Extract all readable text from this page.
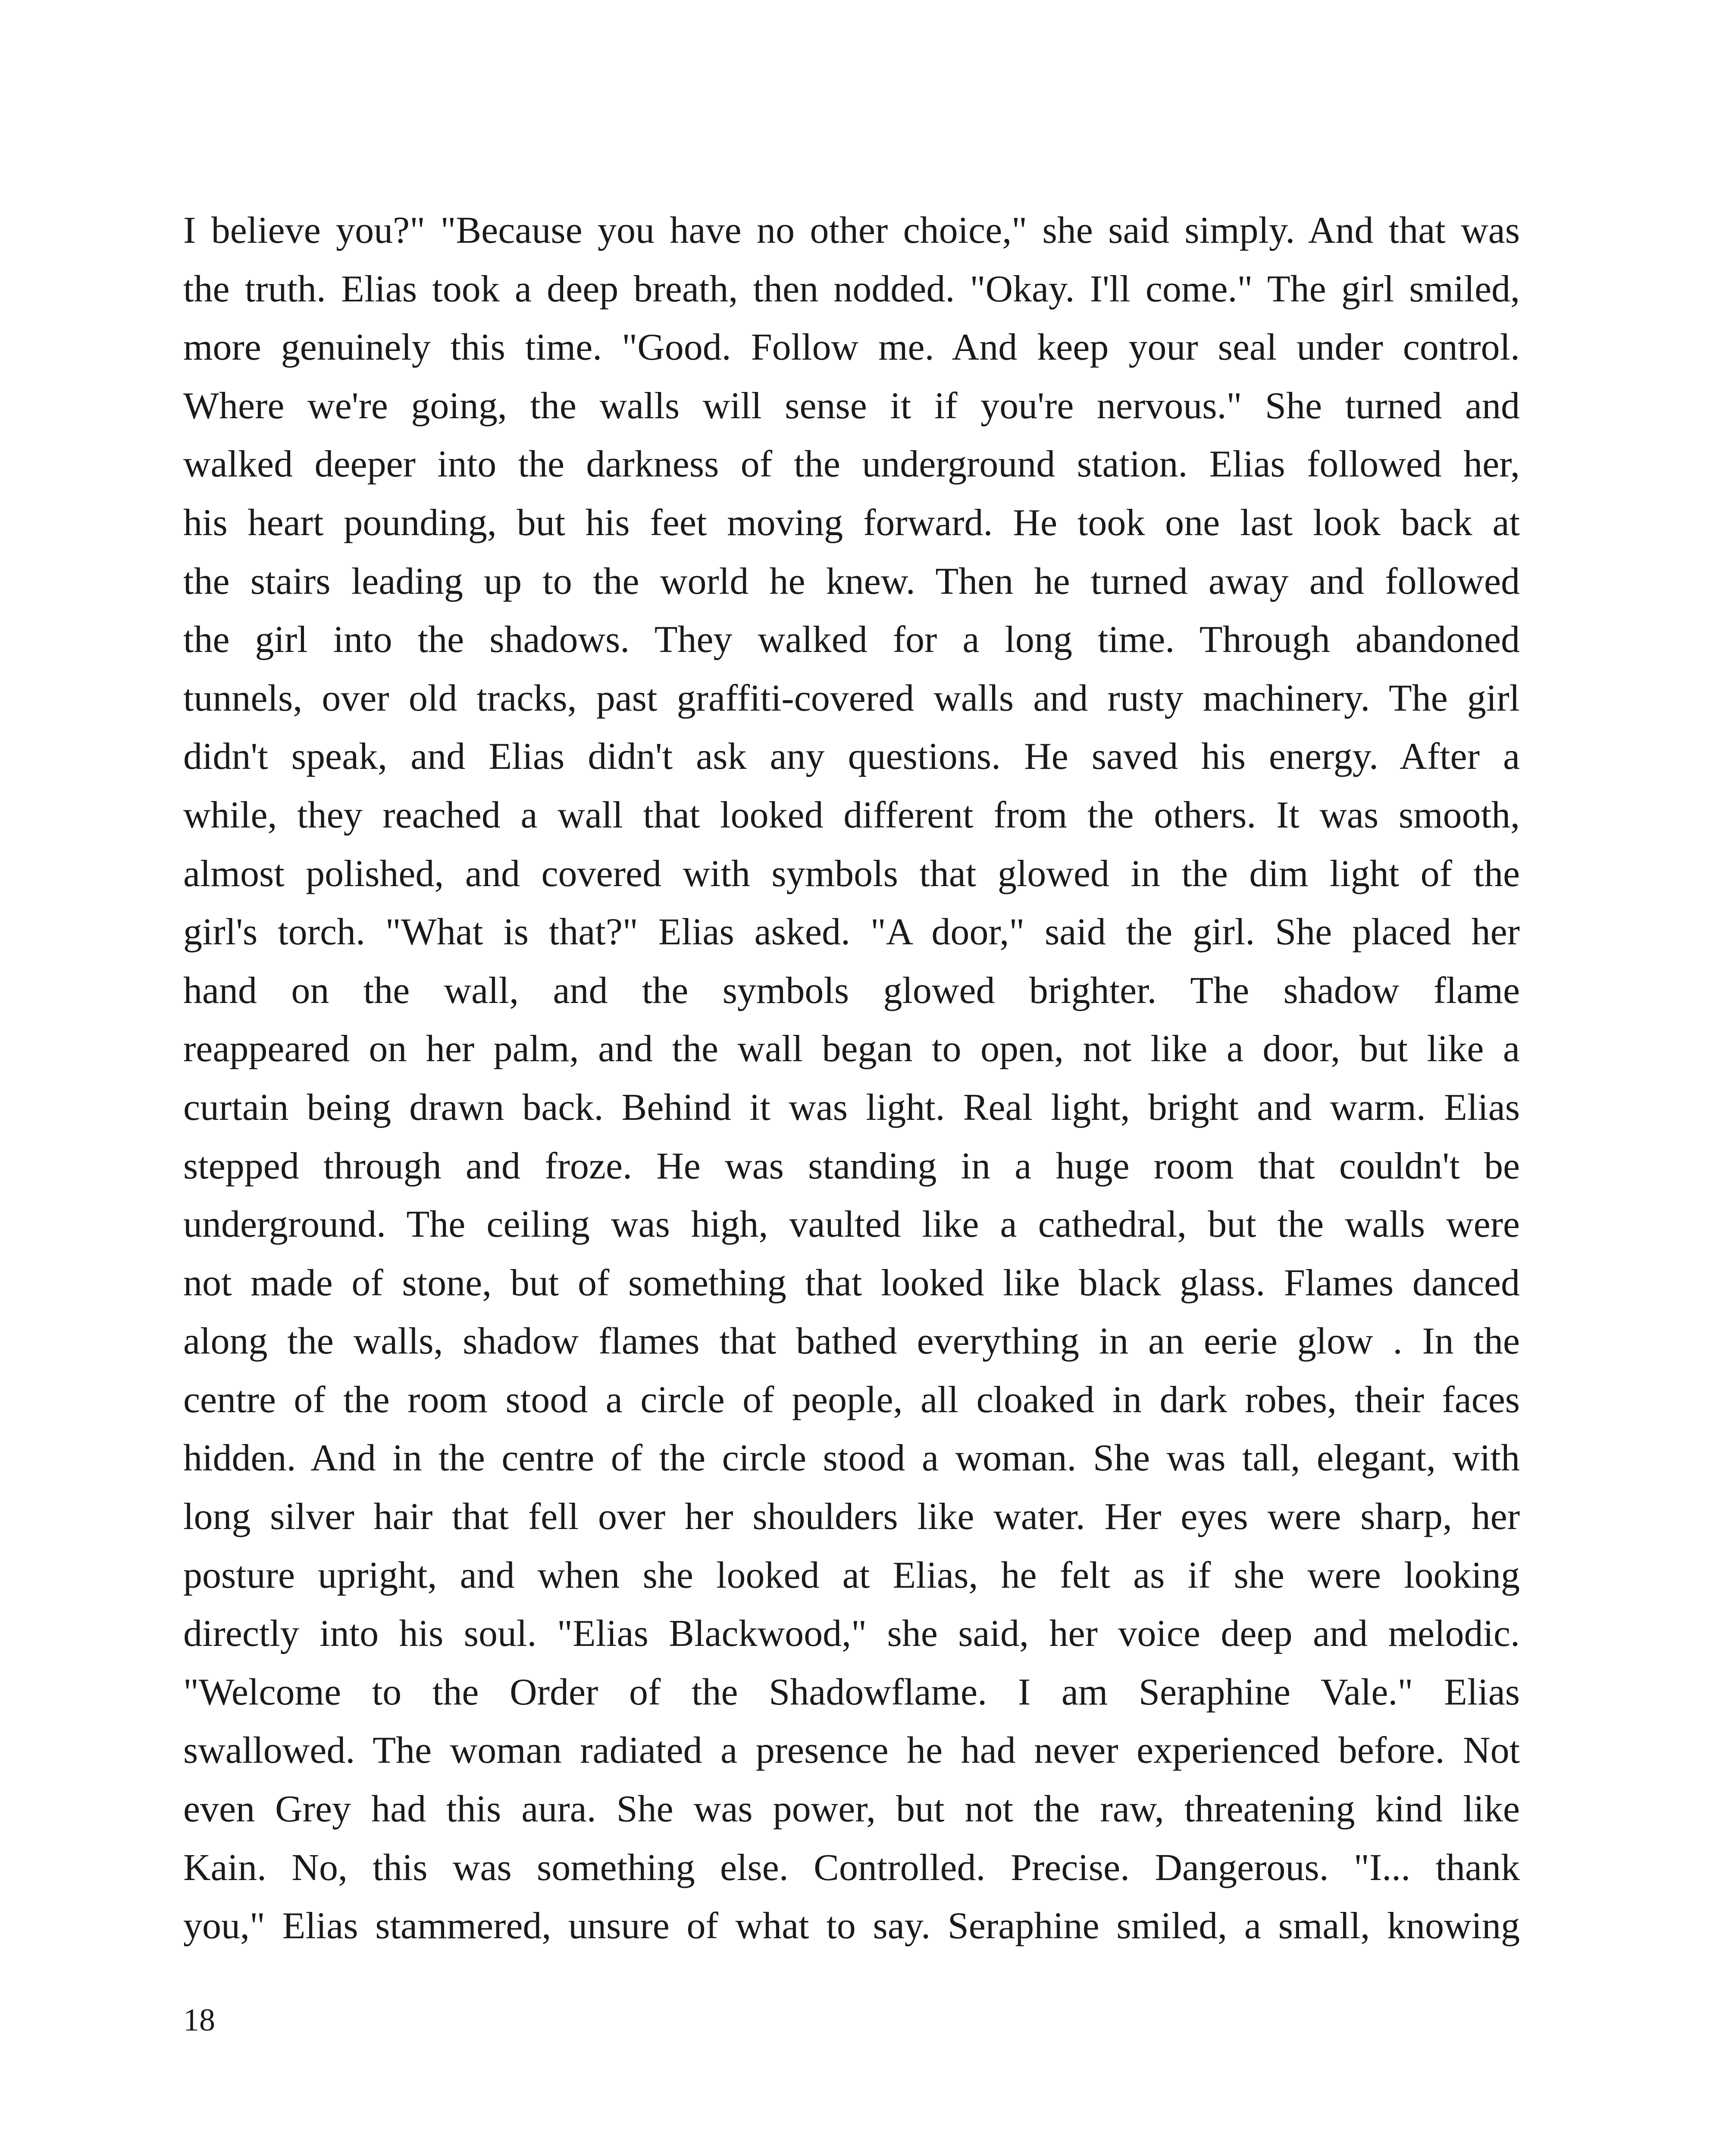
I believe you?" "Because you have no other choice," she said simply. And that was
the truth. Elias took a deep breath, then nodded. "Okay. I'll come." The girl smiled,
more genuinely this time. "Good. Follow me. And keep your seal under control.
Where we're going, the walls will sense it if you're nervous." She turned and
walked deeper into the darkness of the underground station. Elias followed her,
his heart pounding, but his feet moving forward. He took one last look back at
the stairs leading up to the world he knew. Then he turned away and followed
the girl into the shadows. They walked for a long time. Through abandoned
tunnels, over old tracks, past graffiti-covered walls and rusty machinery. The girl
didn't speak, and Elias didn't ask any questions. He saved his energy. After a
while, they reached a wall that looked different from the others. It was smooth,
almost polished, and covered with symbols that glowed in the dim light of the
girl's torch. "What is that?" Elias asked. "A door," said the girl. She placed her
hand on the wall, and the symbols glowed brighter. The shadow flame
reappeared on her palm, and the wall began to open, not like a door, but like a
curtain being drawn back. Behind it was light. Real light, bright and warm. Elias
stepped through and froze. He was standing in a huge room that couldn't be
underground. The ceiling was high, vaulted like a cathedral, but the walls were
not made of stone, but of something that looked like black glass. Flames danced
along the walls, shadow flames that bathed everything in an eerie glow . In the
centre of the room stood a circle of people, all cloaked in dark robes, their faces
hidden. And in the centre of the circle stood a woman. She was tall, elegant, with
long silver hair that fell over her shoulders like water. Her eyes were sharp, her
posture upright, and when she looked at Elias, he felt as if she were looking
directly into his soul. "Elias Blackwood," she said, her voice deep and melodic.
"Welcome to the Order of the Shadowflame. I am Seraphine Vale." Elias
swallowed. The woman radiated a presence he had never experienced before. Not
even Grey had this aura. She was power, but not the raw, threatening kind like
Kain. No, this was something else. Controlled. Precise. Dangerous. "I... thank
you," Elias stammered, unsure of what to say. Seraphine smiled, a small, knowing

18
